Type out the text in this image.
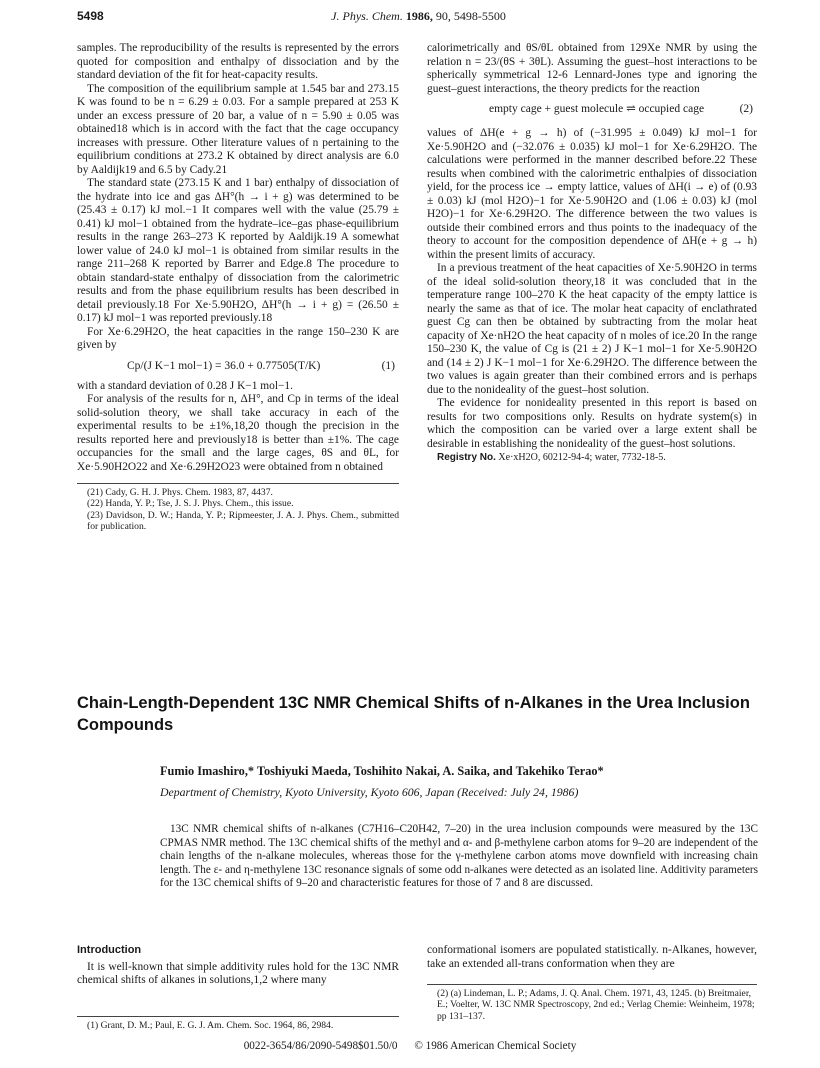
5498	J. Phys. Chem. 1986, 90, 5498-5500

samples. The reproducibility of the results is represented by the errors quoted for composition and enthalpy of dissociation and by the standard deviation of the fit for heat-capacity results.

The composition of the equilibrium sample at 1.545 bar and 273.15 K was found to be n = 6.29 ± 0.03. For a sample prepared at 253 K under an excess pressure of 20 bar, a value of n = 5.90 ± 0.05 was obtained18 which is in accord with the fact that the cage occupancy increases with pressure. Other literature values of n pertaining to the equilibrium conditions at 273.2 K obtained by direct analysis are 6.0 by Aaldijk19 and 6.5 by Cady.21

The standard state (273.15 K and 1 bar) enthalpy of dissociation of the hydrate into ice and gas ΔH°(h → i + g) was determined to be (25.43 ± 0.17) kJ mol.−1 It compares well with the value (25.79 ± 0.41) kJ mol−1 obtained from the hydrate–ice–gas phase-equilibrium results in the range 263–273 K reported by Aaldijk.19 A somewhat lower value of 24.0 kJ mol−1 is obtained from similar results in the range 211–268 K reported by Barrer and Edge.8 The procedure to obtain standard-state enthalpy of dissociation from the calorimetric results and from the phase equilibrium results has been described in detail previously.18 For Xe·5.90H2O, ΔH°(h → i + g) = (26.50 ± 0.17) kJ mol−1 was reported previously.18

For Xe·6.29H2O, the heat capacities in the range 150–230 K are given by

Cp/(J K−1 mol−1) = 36.0 + 0.77505(T/K)	(1)

with a standard deviation of 0.28 J K−1 mol−1.

For analysis of the results for n, ΔH°, and Cp in terms of the ideal solid-solution theory, we shall take accuracy in each of the experimental results to be ±1%,18,20 though the precision in the results reported here and previously18 is better than ±1%. The cage occupancies for the small and the large cages, θS and θL, for Xe·5.90H2O22 and Xe·6.29H2O23 were obtained from n obtained

(21) Cady, G. H. J. Phys. Chem. 1983, 87, 4437.
(22) Handa, Y. P.; Tse, J. S. J. Phys. Chem., this issue.
(23) Davidson, D. W.; Handa, Y. P.; Ripmeester, J. A. J. Phys. Chem., submitted for publication.

calorimetrically and θS/θL obtained from 129Xe NMR by using the relation n = 23/(θS + 3θL). Assuming the guest–host interactions to be spherically symmetrical 12-6 Lennard-Jones type and ignoring the guest–guest interactions, the theory predicts for the reaction

empty cage + guest molecule ⇌ occupied cage	(2)

values of ΔH(e + g → h) of (−31.995 ± 0.049) kJ mol−1 for Xe·5.90H2O and (−32.076 ± 0.035) kJ mol−1 for Xe·6.29H2O. The calculations were performed in the manner described before.22 These results when combined with the calorimetric enthalpies of dissociation yield, for the process ice → empty lattice, values of ΔH(i → e) of (0.93 ± 0.03) kJ (mol H2O)−1 for Xe·5.90H2O and (1.06 ± 0.03) kJ (mol H2O)−1 for Xe·6.29H2O. The difference between the two values is outside their combined errors and thus points to the inadequacy of the theory to account for the composition dependence of ΔH(e + g → h) within the present limits of accuracy.

In a previous treatment of the heat capacities of Xe·5.90H2O in terms of the ideal solid-solution theory,18 it was concluded that in the temperature range 100–270 K the heat capacity of the empty lattice is nearly the same as that of ice. The molar heat capacity of enclathrated guest Cg can then be obtained by subtracting from the molar heat capacity of Xe·nH2O the heat capacity of n moles of ice.20 In the range 150–230 K, the value of Cg is (21 ± 2) J K−1 mol−1 for Xe·5.90H2O and (14 ± 2) J K−1 mol−1 for Xe·6.29H2O. The difference between the two values is again greater than their combined errors and is perhaps due to the nonideality of the guest–host solution.

The evidence for nonideality presented in this report is based on results for two compositions only. Results on hydrate system(s) in which the composition can be varied over a large extent shall be desirable in establishing the nonideality of the guest–host solutions.

Registry No. Xe·xH2O, 60212-94-4; water, 7732-18-5.

Chain-Length-Dependent 13C NMR Chemical Shifts of n-Alkanes in the Urea Inclusion Compounds
Fumio Imashiro,* Toshiyuki Maeda, Toshihito Nakai, A. Saika, and Takehiko Terao*
Department of Chemistry, Kyoto University, Kyoto 606, Japan (Received: July 24, 1986)

13C NMR chemical shifts of n-alkanes (C7H16–C20H42, 7–20) in the urea inclusion compounds were measured by the 13C CPMAS NMR method. The 13C chemical shifts of the methyl and α- and β-methylene carbon atoms for 9–20 are independent of the chain lengths of the n-alkane molecules, whereas those for the γ-methylene carbon atoms move downfield with increasing chain length. The ε- and η-methylene 13C resonance signals of some odd n-alkanes were detected as an isolated line. Additivity parameters for the 13C chemical shifts of 9–20 and characteristic features for those of 7 and 8 are discussed.

Introduction

It is well-known that simple additivity rules hold for the 13C NMR chemical shifts of alkanes in solutions,1,2 where many

conformational isomers are populated statistically. n-Alkanes, however, take an extended all-trans conformation when they are

(1) Grant, D. M.; Paul, E. G. J. Am. Chem. Soc. 1964, 86, 2984.
(2) (a) Lindeman, L. P.; Adams, J. Q. Anal. Chem. 1971, 43, 1245. (b) Breitmaier, E.; Voelter, W. 13C NMR Spectroscopy, 2nd ed.; Verlag Chemie: Weinheim, 1978; pp 131–137.
0022-3654/86/2090-5498$01.50/0 © 1986 American Chemical Society
